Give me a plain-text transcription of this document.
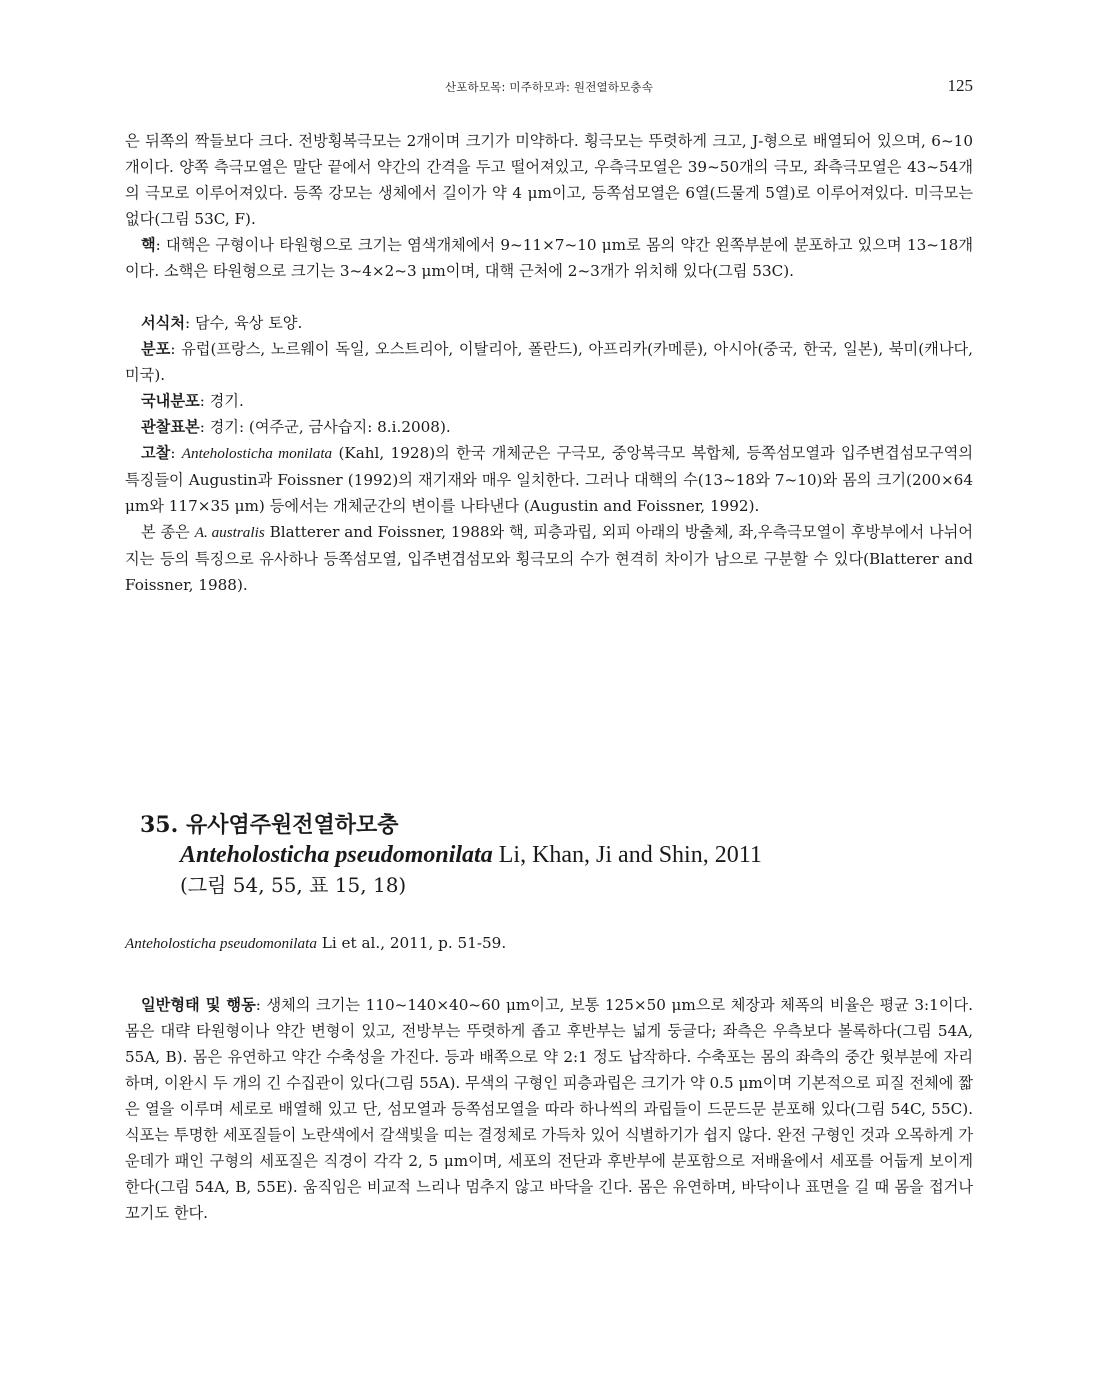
산포하모목: 미주하모과: 원전열하모충속	125

은 뒤쪽의 짝들보다 크다. 전방횡복극모는 2개이며 크기가 미약하다. 횡극모는 뚜렷하게 크고, J-형으로 배열되어 있으며, 6~10개이다. 양쪽 측극모열은 말단 끝에서 약간의 간격을 두고 떨어져있고, 우측극모열은 39~50개의 극모, 좌측극모열은 43~54개의 극모로 이루어져있다. 등쪽 강모는 생체에서 길이가 약 4 μm이고, 등쪽섬모열은 6열(드물게 5열)로 이루어져있다. 미극모는 없다(그림 53C, F).

핵: 대핵은 구형이나 타원형으로 크기는 염색개체에서 9~11×7~10 μm로 몸의 약간 왼쪽부분에 분포하고 있으며 13~18개이다. 소핵은 타원형으로 크기는 3~4×2~3 μm이며, 대핵 근처에 2~3개가 위치해 있다(그림 53C).

서식처: 담수, 육상 토양.

분포: 유럽(프랑스, 노르웨이 독일, 오스트리아, 이탈리아, 폴란드), 아프리카(카메룬), 아시아(중국, 한국, 일본), 북미(캐나다, 미국).

국내분포: 경기.

관찰표본: 경기: (여주군, 금사습지: 8.i.2008).

고찰: Anteholosticha monilata (Kahl, 1928)의 한국 개체군은 구극모, 중앙복극모 복합체, 등쪽섬모열과 입주변겹섬모구역의 특징들이 Augustin과 Foissner (1992)의 재기재와 매우 일치한다. 그러나 대핵의 수(13~18와 7~10)와 몸의 크기(200×64 μm와 117×35 μm) 등에서는 개체군간의 변이를 나타낸다 (Augustin and Foissner, 1992).

본 종은 A. australis Blatterer and Foissner, 1988와 핵, 피층과립, 외피 아래의 방출체, 좌,우측극모열이 후방부에서 나뉘어 지는 등의 특징으로 유사하나 등쪽섬모열, 입주변겹섬모와 횡극모의 수가 현격히 차이가 남으로 구분할 수 있다(Blatterer and Foissner, 1988).

35. 유사염주원전열하모충
Anteholosticha pseudomonilata Li, Khan, Ji and Shin, 2011
(그림 54, 55, 표 15, 18)
Anteholosticha pseudomonilata Li et al., 2011, p. 51-59.

일반형태 및 행동: 생체의 크기는 110~140×40~60 μm이고, 보통 125×50 μm으로 체장과 체폭의 비율은 평균 3:1이다. 몸은 대략 타원형이나 약간 변형이 있고, 전방부는 뚜렷하게 좁고 후반부는 넓게 둥글다; 좌측은 우측보다 볼록하다(그림 54A, 55A, B). 몸은 유연하고 약간 수축성을 가진다. 등과 배쪽으로 약 2:1 정도 납작하다. 수축포는 몸의 좌측의 중간 윗부분에 자리하며, 이완시 두 개의 긴 수집관이 있다(그림 55A). 무색의 구형인 피층과립은 크기가 약 0.5 μm이며 기본적으로 피질 전체에 짧은 열을 이루며 세로로 배열해 있고 단, 섬모열과 등쪽섬모열을 따라 하나씩의 과립들이 드문드문 분포해 있다(그림 54C, 55C). 식포는 투명한 세포질들이 노란색에서 갈색빛을 띠는 결정체로 가득차 있어 식별하기가 쉽지 않다. 완전 구형인 것과 오목하게 가운데가 패인 구형의 세포질은 직경이 각각 2, 5 μm이며, 세포의 전단과 후반부에 분포함으로 저배율에서 세포를 어둡게 보이게 한다(그림 54A, B, 55E). 움직임은 비교적 느리나 멈추지 않고 바닥을 긴다. 몸은 유연하며, 바닥이나 표면을 길 때 몸을 접거나 꼬기도 한다.
